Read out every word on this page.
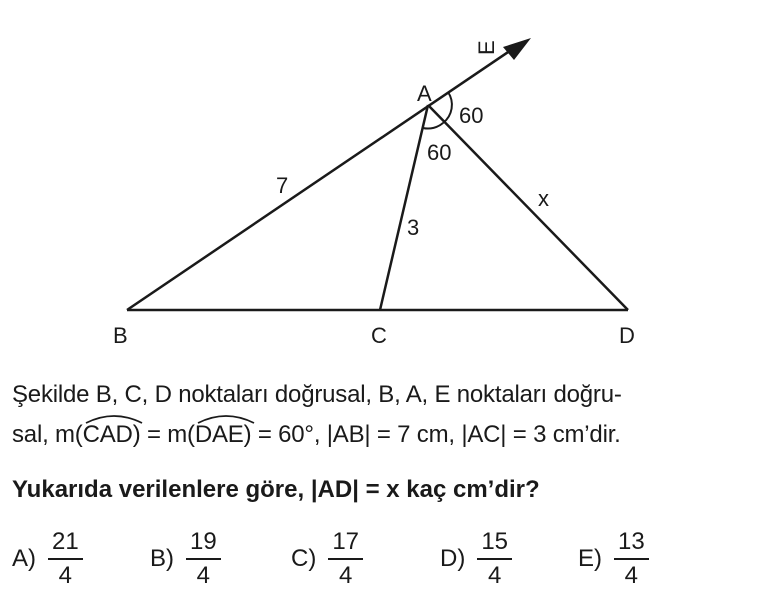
A
B	C	D
E
7
3
x
60
60
Şekilde B, C, D noktaları doğrusal, B, A, E noktaları doğru-
sal, m(
CAD) = m(
DAE) = 60°, |AB| = 7 cm, |AC| = 3 cm’dir.
Yukarıda verilenlere göre, |AD| = x kaç cm’dir?
$A) \frac{21}{4}$	$B) \frac{19}{4}$	$C) \frac{17}{4}$	$D) \frac{15}{4}$	$E) \frac{13}{4}$
